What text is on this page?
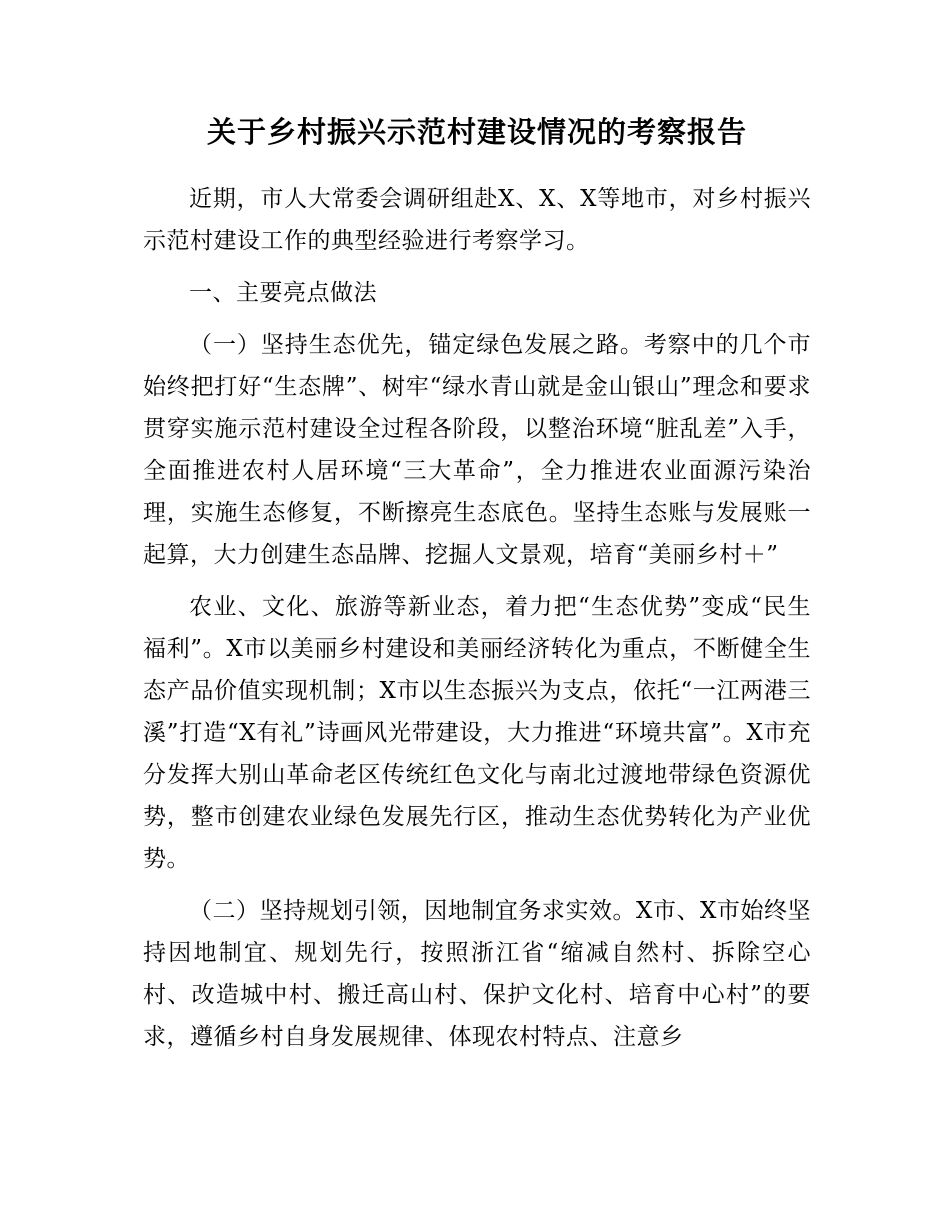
关于乡村振兴示范村建设情况的考察报告

近期，市人大常委会调研组赴X、X、X等地市，对乡村振兴示范村建设工作的典型经验进行考察学习。

一、主要亮点做法

（一）坚持生态优先，锚定绿色发展之路。考察中的几个市始终把打好“生态牌”、树牢“绿水青山就是金山银山”理念和要求贯穿实施示范村建设全过程各阶段，以整治环境“脏乱差”入手，全面推进农村人居环境“三大革命”，全力推进农业面源污染治理，实施生态修复，不断擦亮生态底色。坚持生态账与发展账一起算，大力创建生态品牌、挖掘人文景观，培育“美丽乡村＋”

农业、文化、旅游等新业态，着力把“生态优势”变成“民生福利”。X市以美丽乡村建设和美丽经济转化为重点，不断健全生态产品价值实现机制；X市以生态振兴为支点，依托“一江两港三溪”打造“X有礼”诗画风光带建设，大力推进“环境共富”。X市充分发挥大别山革命老区传统红色文化与南北过渡地带绿色资源优势，整市创建农业绿色发展先行区，推动生态优势转化为产业优势。

（二）坚持规划引领，因地制宜务求实效。X市、X市始终坚持因地制宜、规划先行，按照浙江省“缩减自然村、拆除空心村、改造城中村、搬迁高山村、保护文化村、培育中心村”的要求，遵循乡村自身发展规律、体现农村特点、注意乡
